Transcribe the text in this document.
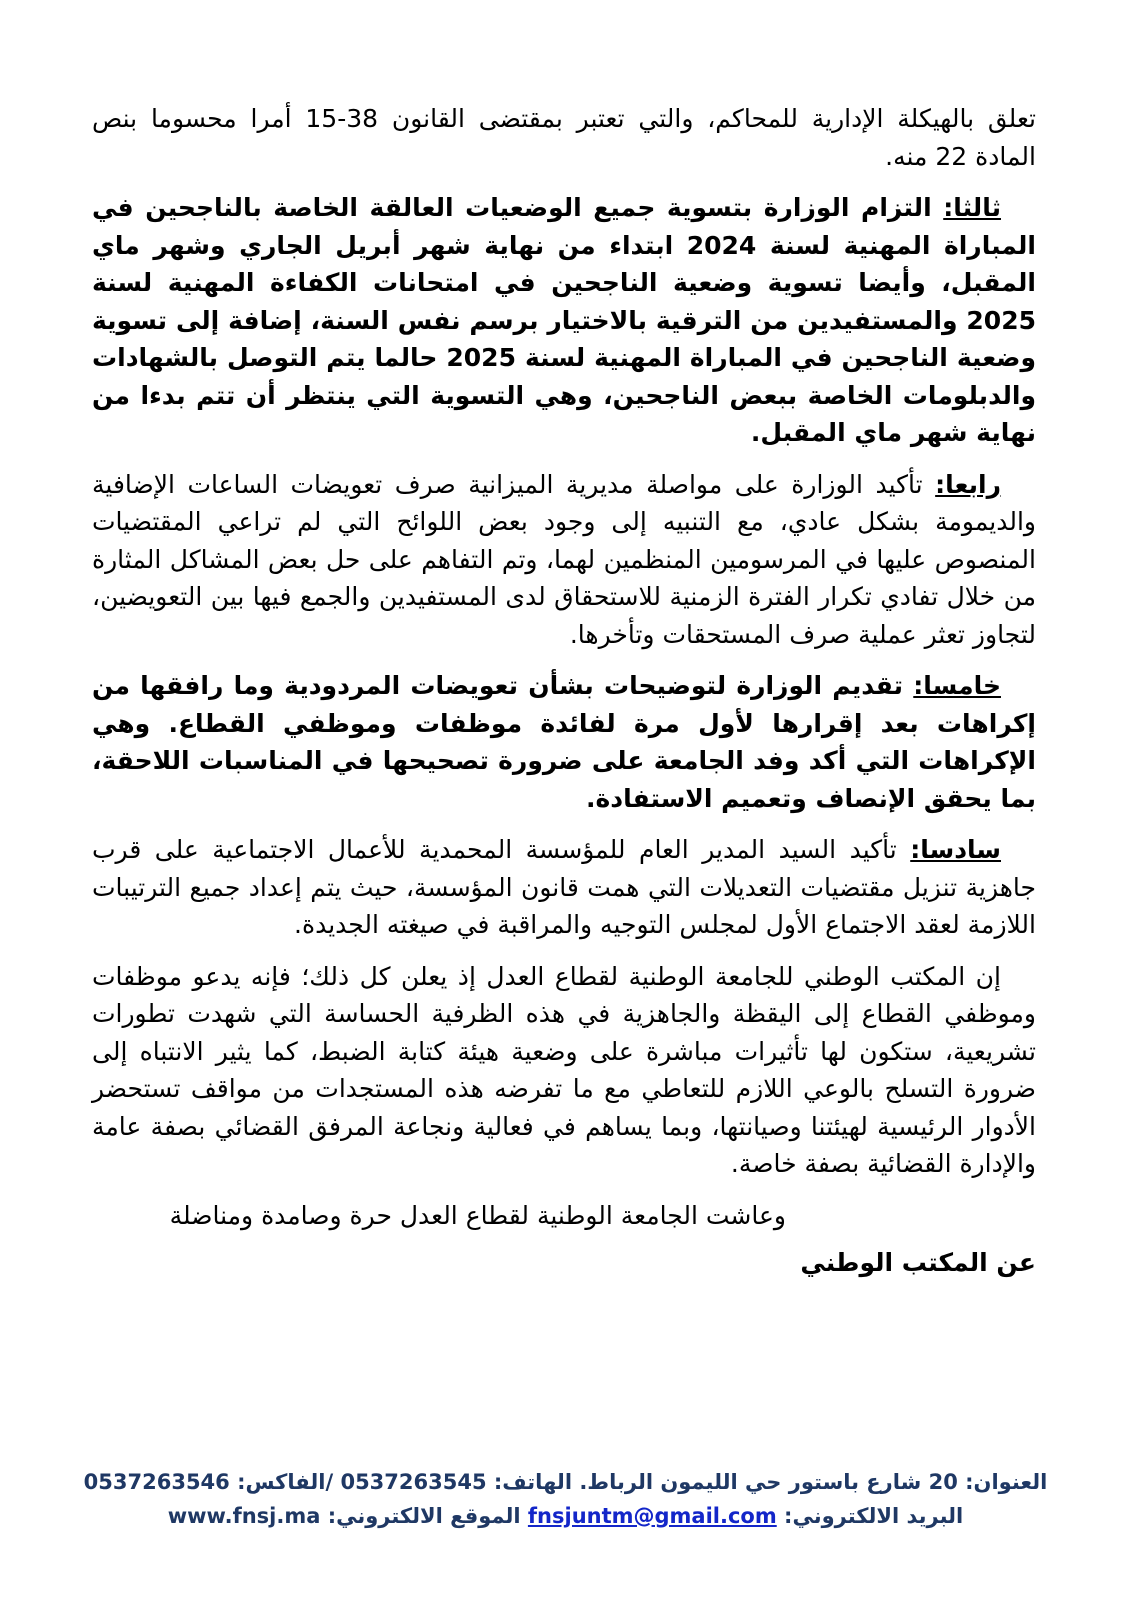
تعلق بالهيكلة الإدارية للمحاكم، والتي تعتبر بمقتضى القانون 38-15 أمرا محسوما بنص المادة 22 منه.

ثالثا: التزام الوزارة بتسوية جميع الوضعيات العالقة الخاصة بالناجحين في المباراة المهنية لسنة 2024 ابتداء من نهاية شهر أبريل الجاري وشهر ماي المقبل، وأيضا تسوية وضعية الناجحين في امتحانات الكفاءة المهنية لسنة 2025 والمستفيدين من الترقية بالاختيار برسم نفس السنة، إضافة إلى تسوية وضعية الناجحين في المباراة المهنية لسنة 2025 حالما يتم التوصل بالشهادات والدبلومات الخاصة ببعض الناجحين، وهي التسوية التي ينتظر أن تتم بدءا من نهاية شهر ماي المقبل.

رابعا: تأكيد الوزارة على مواصلة مديرية الميزانية صرف تعويضات الساعات الإضافية والديمومة بشكل عادي، مع التنبيه إلى وجود بعض اللوائح التي لم تراعي المقتضيات المنصوص عليها في المرسومين المنظمين لهما، وتم التفاهم على حل بعض المشاكل المثارة من خلال تفادي تكرار الفترة الزمنية للاستحقاق لدى المستفيدين والجمع فيها بين التعويضين، لتجاوز تعثر عملية صرف المستحقات وتأخرها.

خامسا: تقديم الوزارة لتوضيحات بشأن تعويضات المردودية وما رافقها من إكراهات بعد إقرارها لأول مرة لفائدة موظفات وموظفي القطاع. وهي الإكراهات التي أكد وفد الجامعة على ضرورة تصحيحها في المناسبات اللاحقة، بما يحقق الإنصاف وتعميم الاستفادة.

سادسا: تأكيد السيد المدير العام للمؤسسة المحمدية للأعمال الاجتماعية على قرب جاهزية تنزيل مقتضيات التعديلات التي همت قانون المؤسسة، حيث يتم إعداد جميع الترتيبات اللازمة لعقد الاجتماع الأول لمجلس التوجيه والمراقبة في صيغته الجديدة.

إن المكتب الوطني للجامعة الوطنية لقطاع العدل إذ يعلن كل ذلك؛ فإنه يدعو موظفات وموظفي القطاع إلى اليقظة والجاهزية في هذه الظرفية الحساسة التي شهدت تطورات تشريعية، ستكون لها تأثيرات مباشرة على وضعية هيئة كتابة الضبط، كما يثير الانتباه إلى ضرورة التسلح بالوعي اللازم للتعاطي مع ما تفرضه هذه المستجدات من مواقف تستحضر الأدوار الرئيسية لهيئتنا وصيانتها، وبما يساهم في فعالية ونجاعة المرفق القضائي بصفة عامة والإدارة القضائية بصفة خاصة.

وعاشت الجامعة الوطنية لقطاع العدل حرة وصامدة ومناضلة

عن المكتب الوطني

العنوان: 20 شارع باستور حي الليمون الرباط. الهاتف: 0537263545 /الفاكس: 0537263546
البريد الالكتروني: fnsjuntm@gmail.com الموقع الالكتروني: www.fnsj.ma
